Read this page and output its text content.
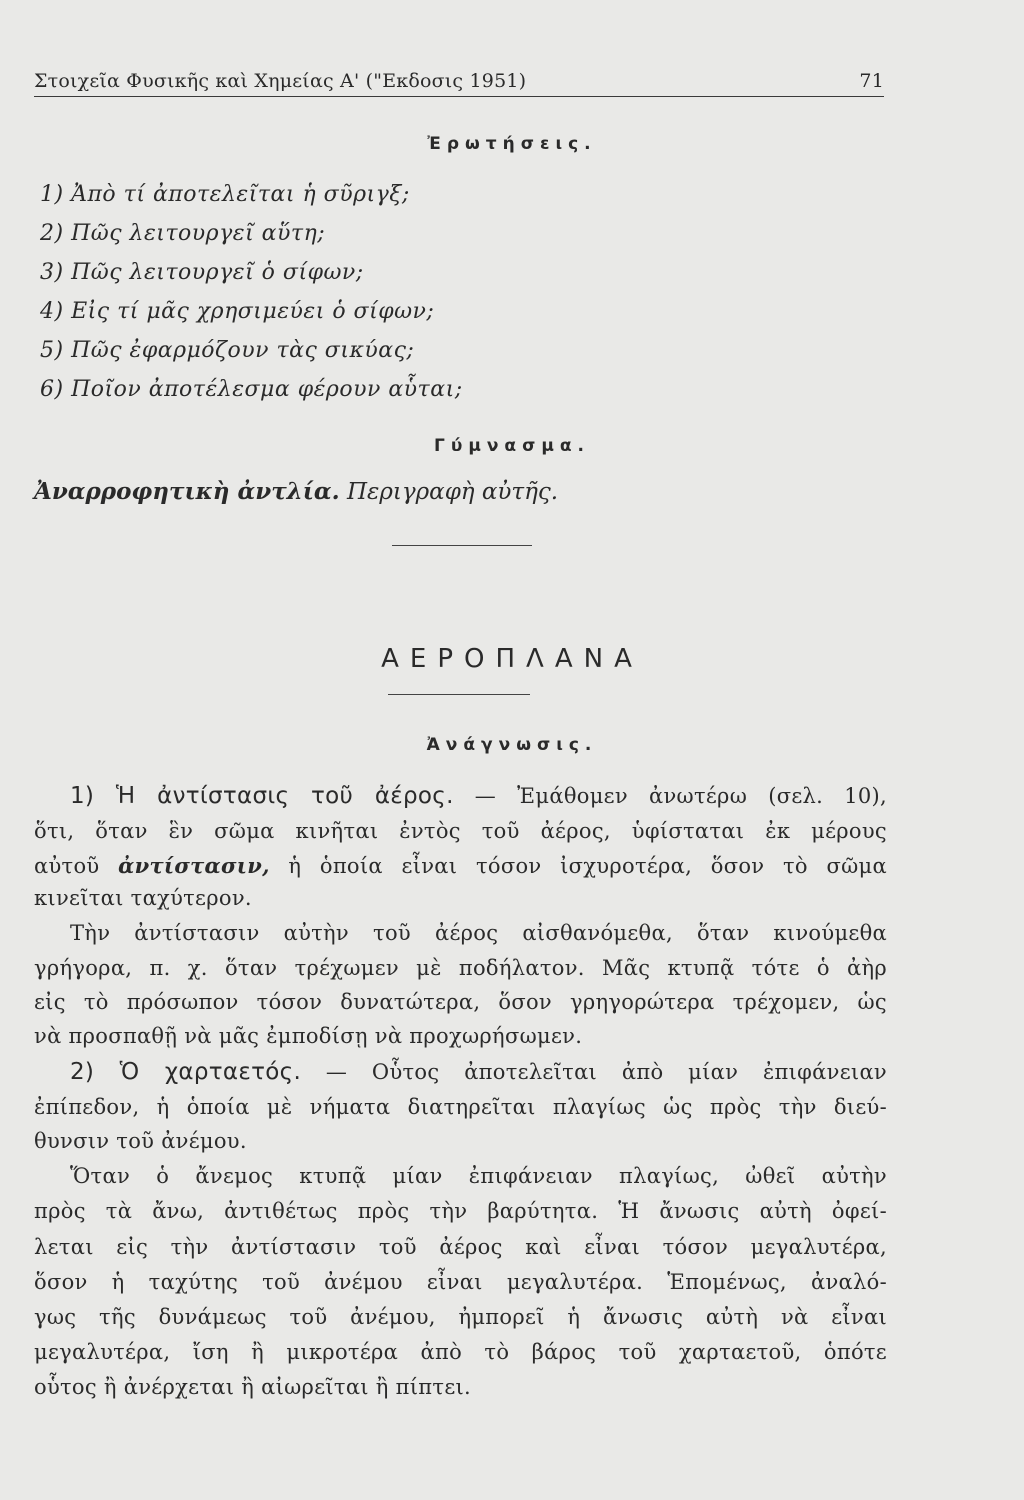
Στοιχεῖα Φυσικῆς καὶ Χημείας Α' ("Εκδοσις 1951)	71
Ἐρωτήσεις.
1) Ἀπὸ τί ἀποτελεῖται ἡ σῦριγξ;
2) Πῶς λειτουργεῖ αὕτη;
3) Πῶς λειτουργεῖ ὁ σίφων;
4) Εἰς τί μᾶς χρησιμεύει ὁ σίφων;
5) Πῶς ἐφαρμόζουν τὰς σικύας;
6) Ποῖον ἀποτέλεσμα φέρουν αὗται;
Γύμνασμα.
Ἀναρροφητικὴ ἀντλία. Περιγραφὴ αὐτῆς.
ΑΕΡΟΠΛΑΝΑ
Ἀνάγνωσις.
1) Ἡ ἀντίστασις τοῦ ἀέρος. — Ἐμάθομεν ἀνωτέρω (σελ. 10),
ὅτι, ὅταν ἓν σῶμα κινῆται ἐντὸς τοῦ ἀέρος, ὑφίσταται ἐκ μέρους
αὐτοῦ ἀντίστασιν, ἡ ὁποία εἶναι τόσον ἰσχυροτέρα, ὅσον τὸ σῶμα
κινεῖται ταχύτερον.
Τὴν ἀντίστασιν αὐτὴν τοῦ ἀέρος αἰσθανόμεθα, ὅταν κινούμεθα
γρήγορα, π. χ. ὅταν τρέχωμεν μὲ ποδήλατον. Μᾶς κτυπᾷ τότε ὁ ἀὴρ
εἰς τὸ πρόσωπον τόσον δυνατώτερα, ὅσον γρηγορώτερα τρέχομεν, ὡς
νὰ προσπαθῇ νὰ μᾶς ἐμποδίσῃ νὰ προχωρήσωμεν.
2) Ὁ χαρταετός. — Οὗτος ἀποτελεῖται ἀπὸ μίαν ἐπιφάνειαν
ἐπίπεδον, ἡ ὁποία μὲ νήματα διατηρεῖται πλαγίως ὡς πρὸς τὴν διεύ-
θυνσιν τοῦ ἀνέμου.
Ὅταν ὁ ἄνεμος κτυπᾷ μίαν ἐπιφάνειαν πλαγίως, ὠθεῖ αὐτὴν
πρὸς τὰ ἄνω, ἀντιθέτως πρὸς τὴν βαρύτητα. Ἡ ἄνωσις αὐτὴ ὀφεί-
λεται εἰς τὴν ἀντίστασιν τοῦ ἀέρος καὶ εἶναι τόσον μεγαλυτέρα,
ὅσον ἡ ταχύτης τοῦ ἀνέμου εἶναι μεγαλυτέρα. Ἑπομένως, ἀναλό-
γως τῆς δυνάμεως τοῦ ἀνέμου, ἠμπορεῖ ἡ ἄνωσις αὐτὴ νὰ εἶναι
μεγαλυτέρα, ἴση ἢ μικροτέρα ἀπὸ τὸ βάρος τοῦ χαρταετοῦ, ὁπότε
οὗτος ἢ ἀνέρχεται ἢ αἰωρεῖται ἢ πίπτει.
